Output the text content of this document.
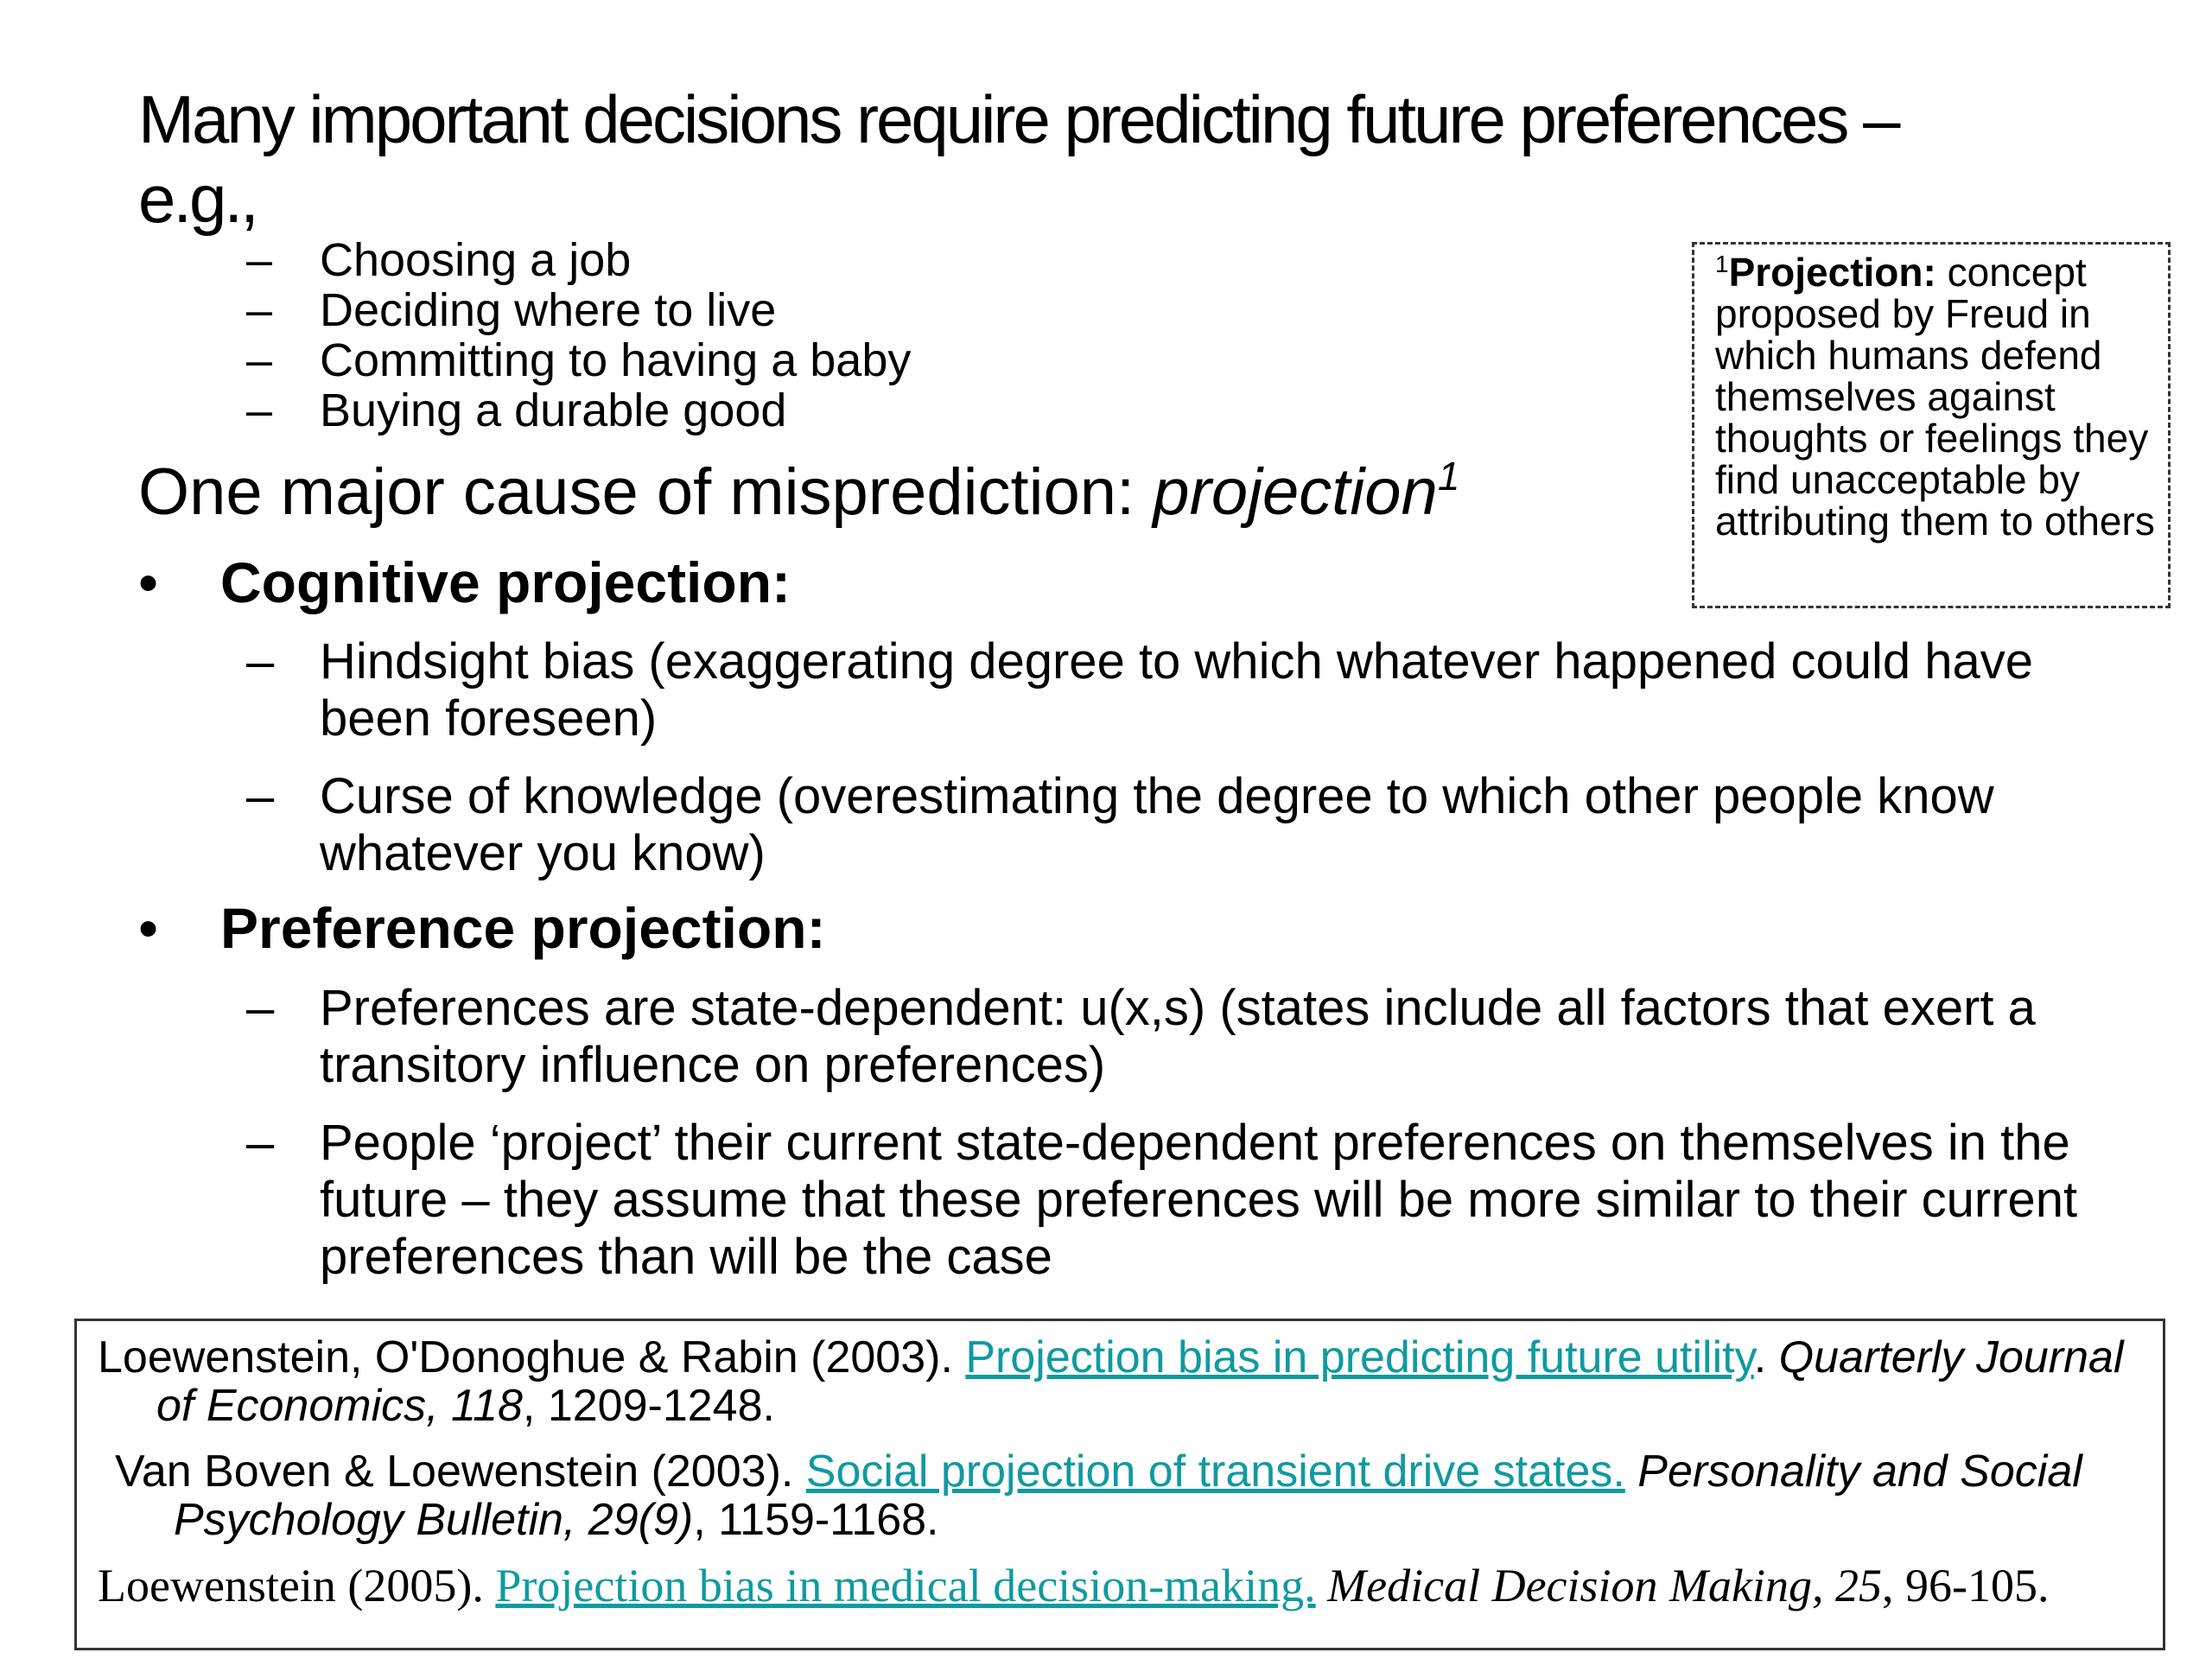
Many important decisions require predicting future preferences –
e.g.,
– Choosing a job
– Deciding where to live
– Committing to having a baby
– Buying a durable good
One major cause of misprediction: projection$^1$
• Cognitive projection:
– Hindsight bias (exaggerating degree to which whatever happened could have been foreseen)
– Curse of knowledge (overestimating the degree to which other people know whatever you know)
• Preference projection:
– Preferences are state-dependent: u(x,s) (states include all factors that exert a transitory influence on preferences)
– People ‘project’ their current state-dependent preferences on themselves in the future – they assume that these preferences will be more similar to their current preferences than will be the case
$^1$Projection: concept proposed by Freud in which humans defend themselves against thoughts or feelings they find unacceptable by attributing them to others
Loewenstein, O'Donoghue & Rabin (2003). Projection bias in predicting future utility. Quarterly Journal of Economics, 118, 1209-1248.
Van Boven & Loewenstein (2003). Social projection of transient drive states. Personality and Social Psychology Bulletin, 29(9), 1159-1168.
Loewenstein (2005). Projection bias in medical decision-making. Medical Decision Making, 25, 96-105.
